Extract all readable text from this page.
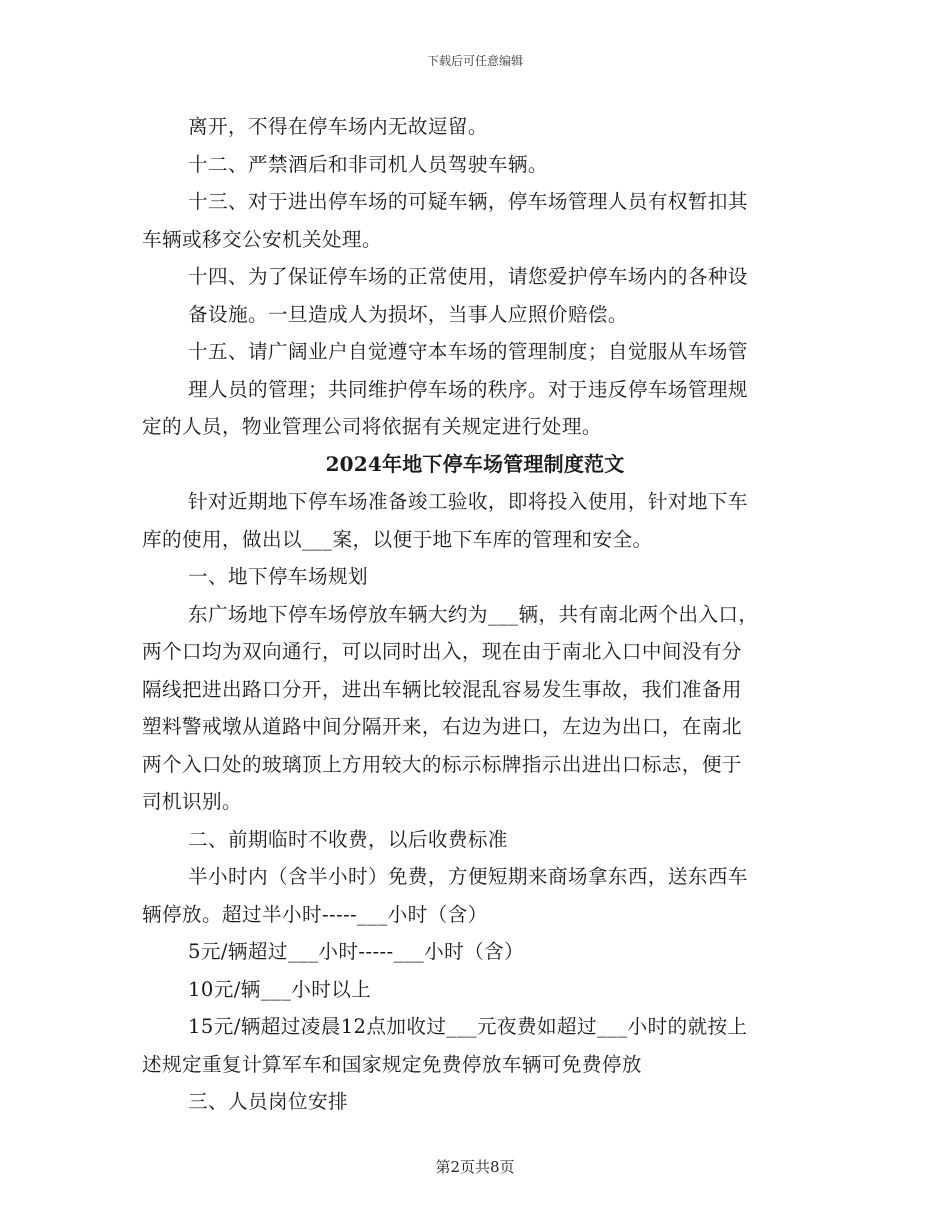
下载后可任意编辑

离开，不得在停车场内无故逗留。

十二、严禁酒后和非司机人员驾驶车辆。

十三、对于进出停车场的可疑车辆，停车场管理人员有权暂扣其

车辆或移交公安机关处理。

十四、为了保证停车场的正常使用，请您爱护停车场内的各种设

备设施。一旦造成人为损坏，当事人应照价赔偿。

十五、请广阔业户自觉遵守本车场的管理制度；自觉服从车场管

理人员的管理；共同维护停车场的秩序。对于违反停车场管理规

定的人员，物业管理公司将依据有关规定进行处理。

2024年地下停车场管理制度范文

针对近期地下停车场准备竣工验收，即将投入使用，针对地下车

库的使用，做出以___案，以便于地下车库的管理和安全。

一、地下停车场规划

东广场地下停车场停放车辆大约为___辆，共有南北两个出入口，

两个口均为双向通行，可以同时出入，现在由于南北入口中间没有分

隔线把进出路口分开，进出车辆比较混乱容易发生事故，我们准备用

塑料警戒墩从道路中间分隔开来，右边为进口，左边为出口，在南北

两个入口处的玻璃顶上方用较大的标示标牌指示出进出口标志，便于

司机识别。

二、前期临时不收费，以后收费标准

半小时内（含半小时）免费，方便短期来商场拿东西，送东西车

辆停放。超过半小时-----___小时（含）

5元/辆超过___小时-----___小时（含）

10元/辆___小时以上

15元/辆超过凌晨12点加收过___元夜费如超过___小时的就按上

述规定重复计算军车和国家规定免费停放车辆可免费停放

三、人员岗位安排

第2页共8页
